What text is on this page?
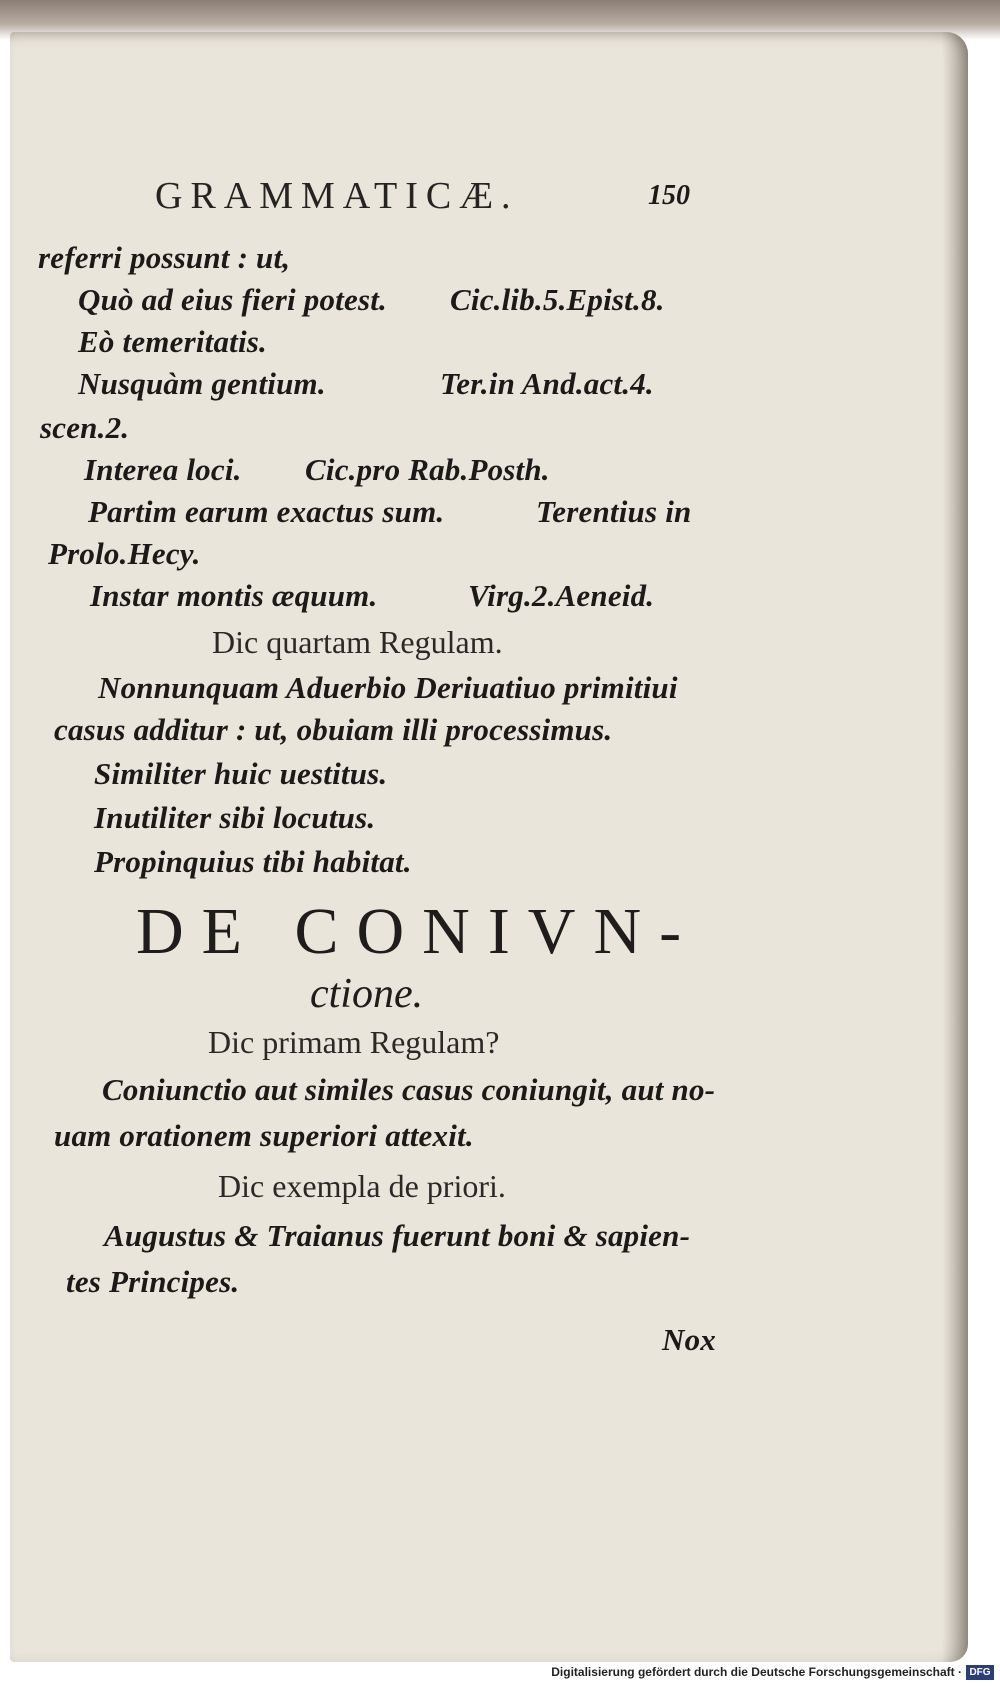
GRAMMATICÆ.	150
referri possunt : ut,
Quò ad eius fieri potest. Cic.lib.5.Epist.8.
Eò temeritatis.
Nusquàm gentium.	Ter.in And.act.4.
scen.2.
Interea loci. Cic.pro Rab.Posth.
Partim earum exactus sum.	Terentius in
Prolo.Hecy.
Instar montis æquum.	Virg.2.Aeneid.
Dic quartam Regulam.
Nonnunquam Aduerbio Deriuatiuo primitiui
casus additur : ut, obuiam illi processimus.
Similiter huic uestitus.
Inutiliter sibi locutus.
Propinquius tibi habitat.
DE CONIVN-
ctione.
Dic primam Regulam?
Coniunctio aut similes casus coniungit, aut no-
uam orationem superiori attexit.
Dic exempla de priori.
Augustus & Traianus fuerunt boni & sapien-
tes Principes.
Nox
Digitalisierung gefördert durch die Deutsche Forschungsgemeinschaft · DFG
